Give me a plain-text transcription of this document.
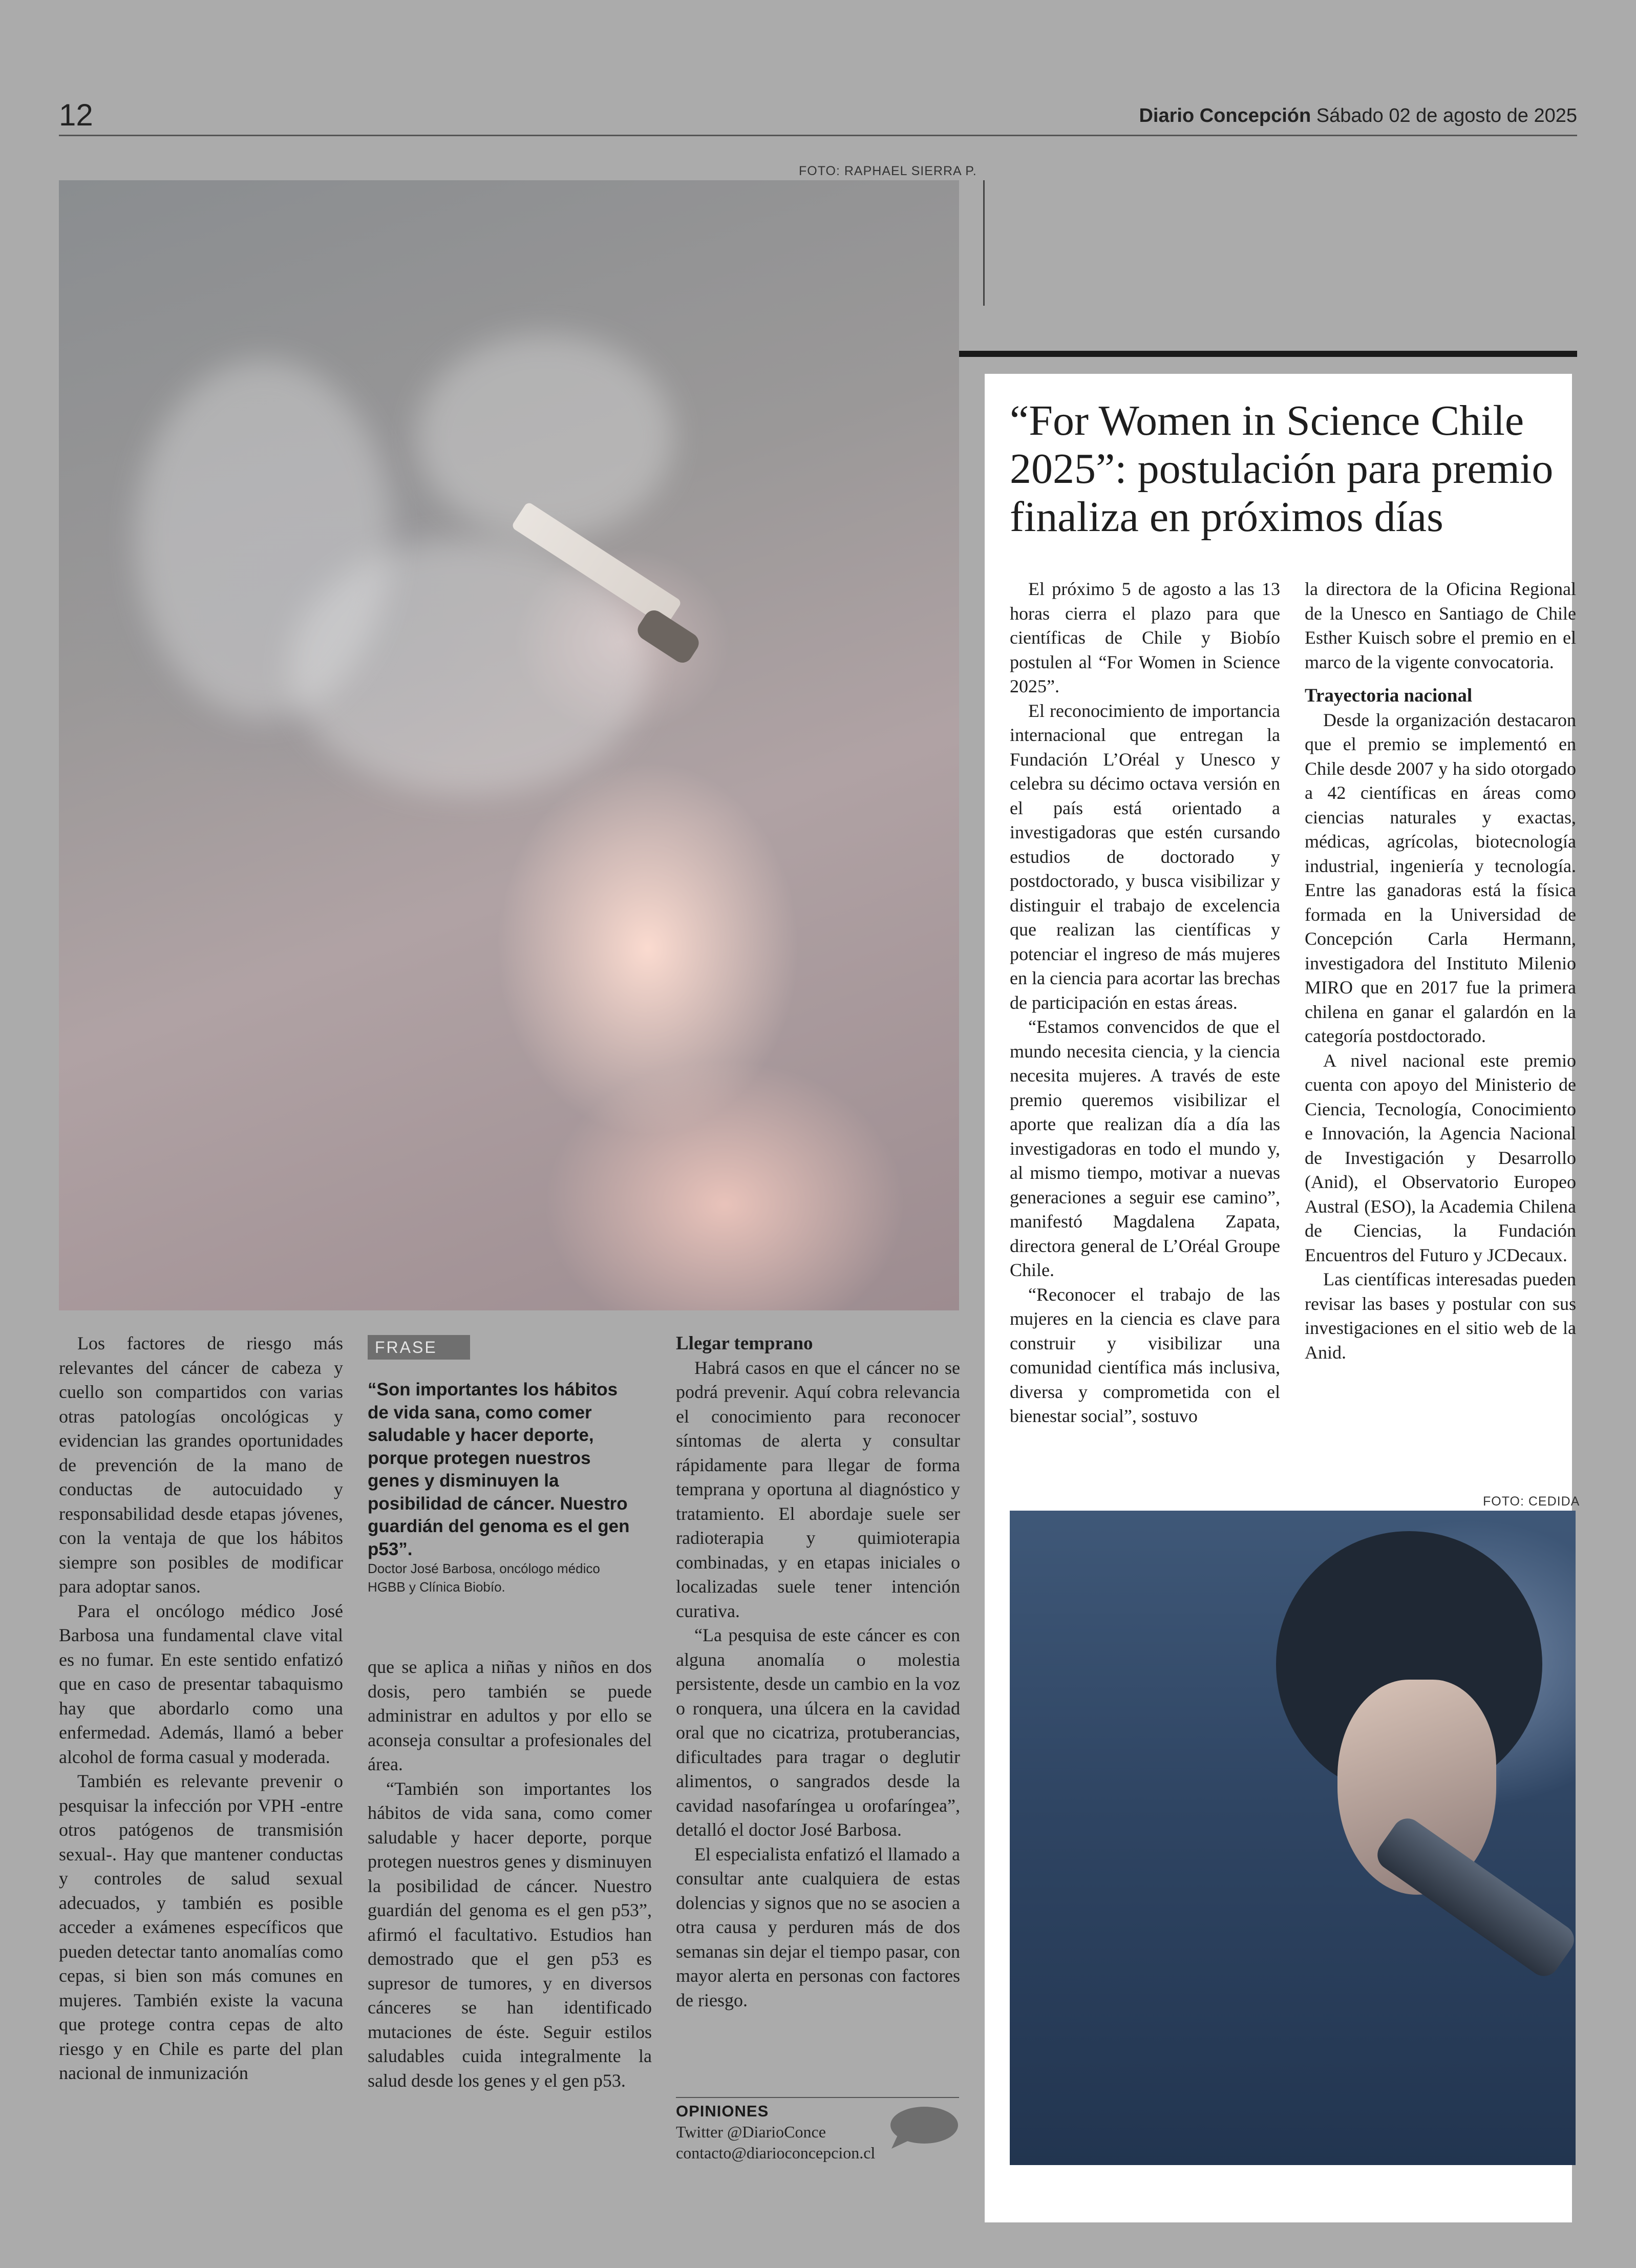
12	Diario Concepción Sábado 02 de agosto de 2025
FOTO: RAPHAEL SIERRA P.
“For Women in Science Chile 2025”: postulación para premio finaliza en próximos días

El próximo 5 de agosto a las 13 horas cierra el plazo para que científicas de Chile y Biobío postulen al “For Women in Science 2025”.

El reconocimiento de importancia internacional que entregan la Fundación L’Oréal y Unesco y celebra su décimo octava versión en el país está orientado a investigadoras que estén cursando estudios de doctorado y postdoctorado, y busca visibilizar y distinguir el trabajo de excelencia que realizan las científicas y potenciar el ingreso de más mujeres en la ciencia para acortar las brechas de participación en estas áreas.

“Estamos convencidos de que el mundo necesita ciencia, y la ciencia necesita mujeres. A través de este premio queremos visibilizar el aporte que realizan día a día las investigadoras en todo el mundo y, al mismo tiempo, motivar a nuevas generaciones a seguir ese camino”, manifestó Magdalena Zapata, directora general de L’Oréal Groupe Chile.

“Reconocer el trabajo de las mujeres en la ciencia es clave para construir y visibilizar una comunidad científica más inclusiva, diversa y comprometida con el bienestar social”, sostuvo

la directora de la Oficina Regional de la Unesco en Santiago de Chile Esther Kuisch sobre el premio en el marco de la vigente convocatoria.

Trayectoria nacional

Desde la organización destacaron que el premio se implementó en Chile desde 2007 y ha sido otorgado a 42 científicas en áreas como ciencias naturales y exactas, médicas, agrícolas, biotecnología industrial, ingeniería y tecnología. Entre las ganadoras está la física formada en la Universidad de Concepción Carla Hermann, investigadora del Instituto Milenio MIRO que en 2017 fue la primera chilena en ganar el galardón en la categoría postdoctorado.

A nivel nacional este premio cuenta con apoyo del Ministerio de Ciencia, Tecnología, Conocimiento e Innovación, la Agencia Nacional de Investigación y Desarrollo (Anid), el Observatorio Europeo Austral (ESO), la Academia Chilena de Ciencias, la Fundación Encuentros del Futuro y JCDecaux.

Las científicas interesadas pueden revisar las bases y postular con sus investigaciones en el sitio web de la Anid.

FOTO: CEDIDA

Los factores de riesgo más relevantes del cáncer de cabeza y cuello son compartidos con varias otras patologías oncológicas y evidencian las grandes oportunidades de prevención de la mano de conductas de autocuidado y responsabilidad desde etapas jóvenes, con la ventaja de que los hábitos siempre son posibles de modificar para adoptar sanos.

Para el oncólogo médico José Barbosa una fundamental clave vital es no fumar. En este sentido enfatizó que en caso de presentar tabaquismo hay que abordarlo como una enfermedad. Además, llamó a beber alcohol de forma casual y moderada.

También es relevante prevenir o pesquisar la infección por VPH -entre otros patógenos de transmisión sexual-. Hay que mantener conductas y controles de salud sexual adecuados, y también es posible acceder a exámenes específicos que pueden detectar tanto anomalías como cepas, si bien son más comunes en mujeres. También existe la vacuna que protege contra cepas de alto riesgo y en Chile es parte del plan nacional de inmunización

FRASE
“Son importantes los hábitos de vida sana, como comer saludable y hacer deporte, porque protegen nuestros genes y disminuyen la posibilidad de cáncer. Nuestro guardián del genoma es el gen p53”.
Doctor José Barbosa, oncólogo médico HGBB y Clínica Biobío.

que se aplica a niñas y niños en dos dosis, pero también se puede administrar en adultos y por ello se aconseja consultar a profesionales del área.

“También son importantes los hábitos de vida sana, como comer saludable y hacer deporte, porque protegen nuestros genes y disminuyen la posibilidad de cáncer. Nuestro guardián del genoma es el gen p53”, afirmó el facultativo. Estudios han demostrado que el gen p53 es supresor de tumores, y en diversos cánceres se han identificado mutaciones de éste. Seguir estilos saludables cuida integralmente la salud desde los genes y el gen p53.

Llegar temprano

Habrá casos en que el cáncer no se podrá prevenir. Aquí cobra relevancia el conocimiento para reconocer síntomas de alerta y consultar rápidamente para llegar de forma temprana y oportuna al diagnóstico y tratamiento. El abordaje suele ser radioterapia y quimioterapia combinadas, y en etapas iniciales o localizadas suele tener intención curativa.

“La pesquisa de este cáncer es con alguna anomalía o molestia persistente, desde un cambio en la voz o ronquera, una úlcera en la cavidad oral que no cicatriza, protuberancias, dificultades para tragar o deglutir alimentos, o sangrados desde la cavidad nasofaríngea u orofaríngea”, detalló el doctor José Barbosa.

El especialista enfatizó el llamado a consultar ante cualquiera de estas dolencias y signos que no se asocien a otra causa y perduren más de dos semanas sin dejar el tiempo pasar, con mayor alerta en personas con factores de riesgo.

OPINIONES
Twitter @DiarioConce
contacto@diarioconcepcion.cl
